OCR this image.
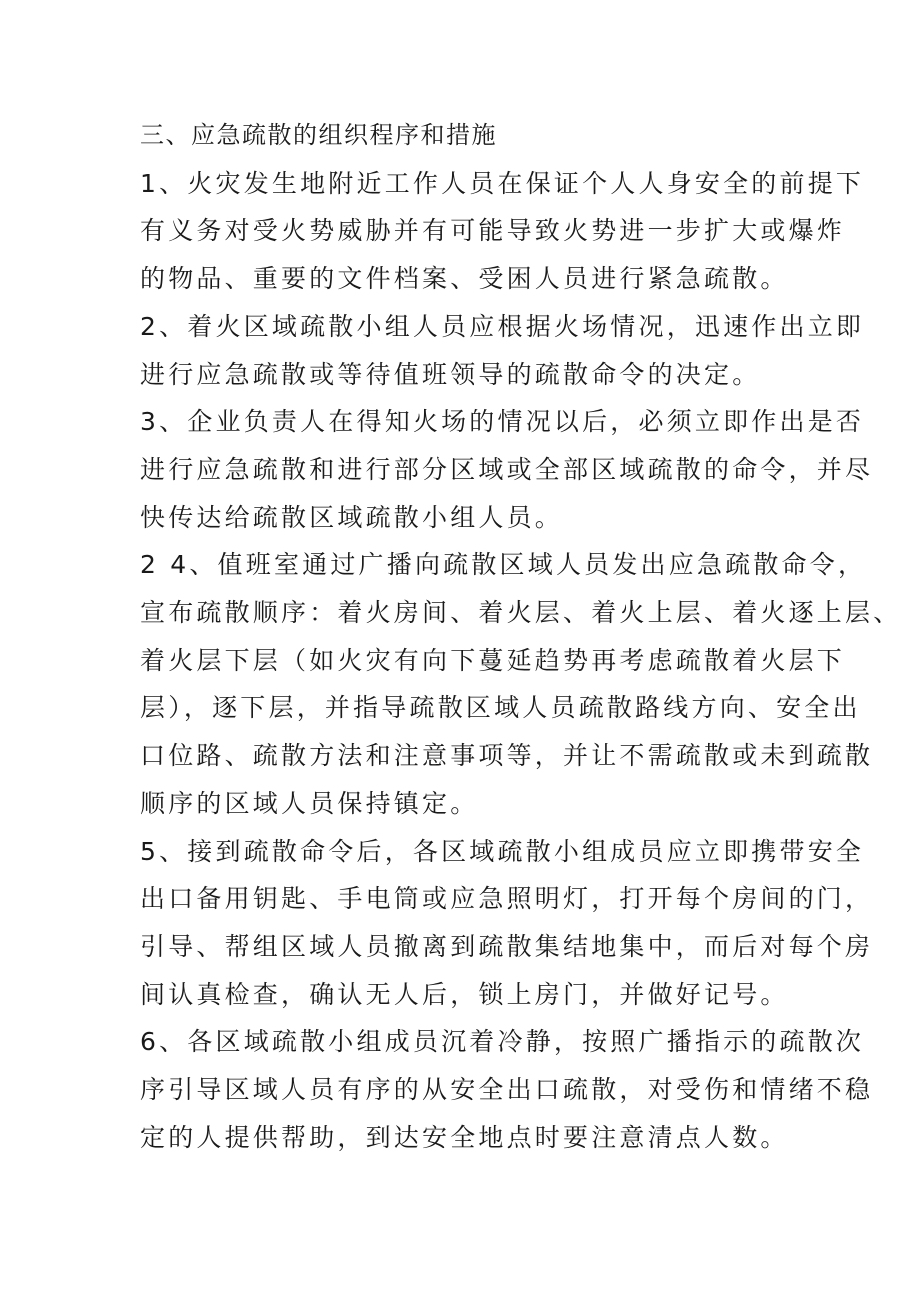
三、应急疏散的组织程序和措施
1、火灾发生地附近工作人员在保证个人人身安全的前提下
有义务对受火势威胁并有可能导致火势进一步扩大或爆炸
的物品、重要的文件档案、受困人员进行紧急疏散。
2、着火区域疏散小组人员应根据火场情况，迅速作出立即
进行应急疏散或等待值班领导的疏散命令的决定。
3、企业负责人在得知火场的情况以后，必须立即作出是否
进行应急疏散和进行部分区域或全部区域疏散的命令，并尽
快传达给疏散区域疏散小组人员。
2 4、值班室通过广播向疏散区域人员发出应急疏散命令，
宣布疏散顺序：着火房间、着火层、着火上层、着火逐上层、
着火层下层（如火灾有向下蔓延趋势再考虑疏散着火层下
层），逐下层，并指导疏散区域人员疏散路线方向、安全出
口位路、疏散方法和注意事项等，并让不需疏散或未到疏散
顺序的区域人员保持镇定。
5、接到疏散命令后，各区域疏散小组成员应立即携带安全
出口备用钥匙、手电筒或应急照明灯，打开每个房间的门，
引导、帮组区域人员撤离到疏散集结地集中，而后对每个房
间认真检查，确认无人后，锁上房门，并做好记号。
6、各区域疏散小组成员沉着冷静，按照广播指示的疏散次
序引导区域人员有序的从安全出口疏散，对受伤和情绪不稳
定的人提供帮助，到达安全地点时要注意清点人数。
